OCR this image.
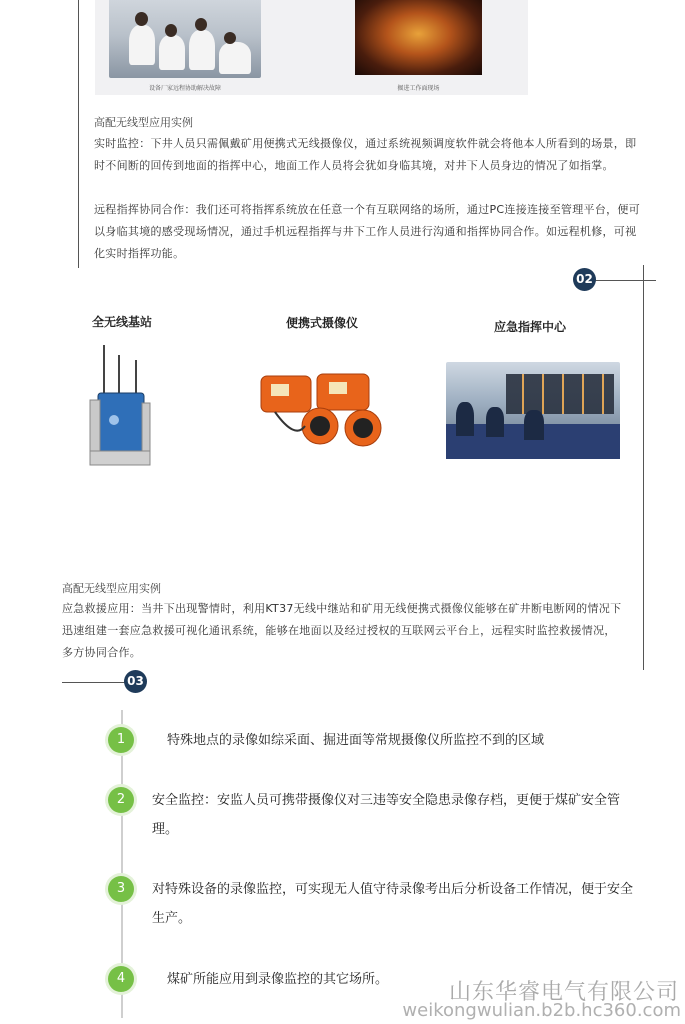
设备厂家远程协助解决故障	掘进工作面现场
高配无线型应用实例
实时监控：下井人员只需佩戴矿用便携式无线摄像仪，通过系统视频调度软件就会将他本人所看到的场景，即时不间断的回传到地面的指挥中心，地面工作人员将会犹如身临其境，对井下人员身边的情况了如指掌。
远程指挥协同合作：我们还可将指挥系统放在任意一个有互联网络的场所，通过PC连接连接至管理平台，便可以身临其境的感受现场情况，通过手机远程指挥与井下工作人员进行沟通和指挥协同合作。如远程机修，可视化实时指挥功能。
02
全无线基站	便携式摄像仪	应急指挥中心
高配无线型应用实例
应急救援应用：当井下出现警情时，利用KT37无线中继站和矿用无线便携式摄像仪能够在矿井断电断网的情况下迅速组建一套应急救援可视化通讯系统，能够在地面以及经过授权的互联网云平台上，远程实时监控救援情况，多方协同合作。
03
1	特殊地点的录像如综采面、掘进面等常规摄像仪所监控不到的区域
2	安全监控：安监人员可携带摄像仪对三违等安全隐患录像存档，更便于煤矿安全管理。
3	对特殊设备的录像监控，可实现无人值守待录像考出后分析设备工作情况，便于安全生产。
4	煤矿所能应用到录像监控的其它场所。
山东华睿电气有限公司
weikongwulian.b2b.hc360.com
